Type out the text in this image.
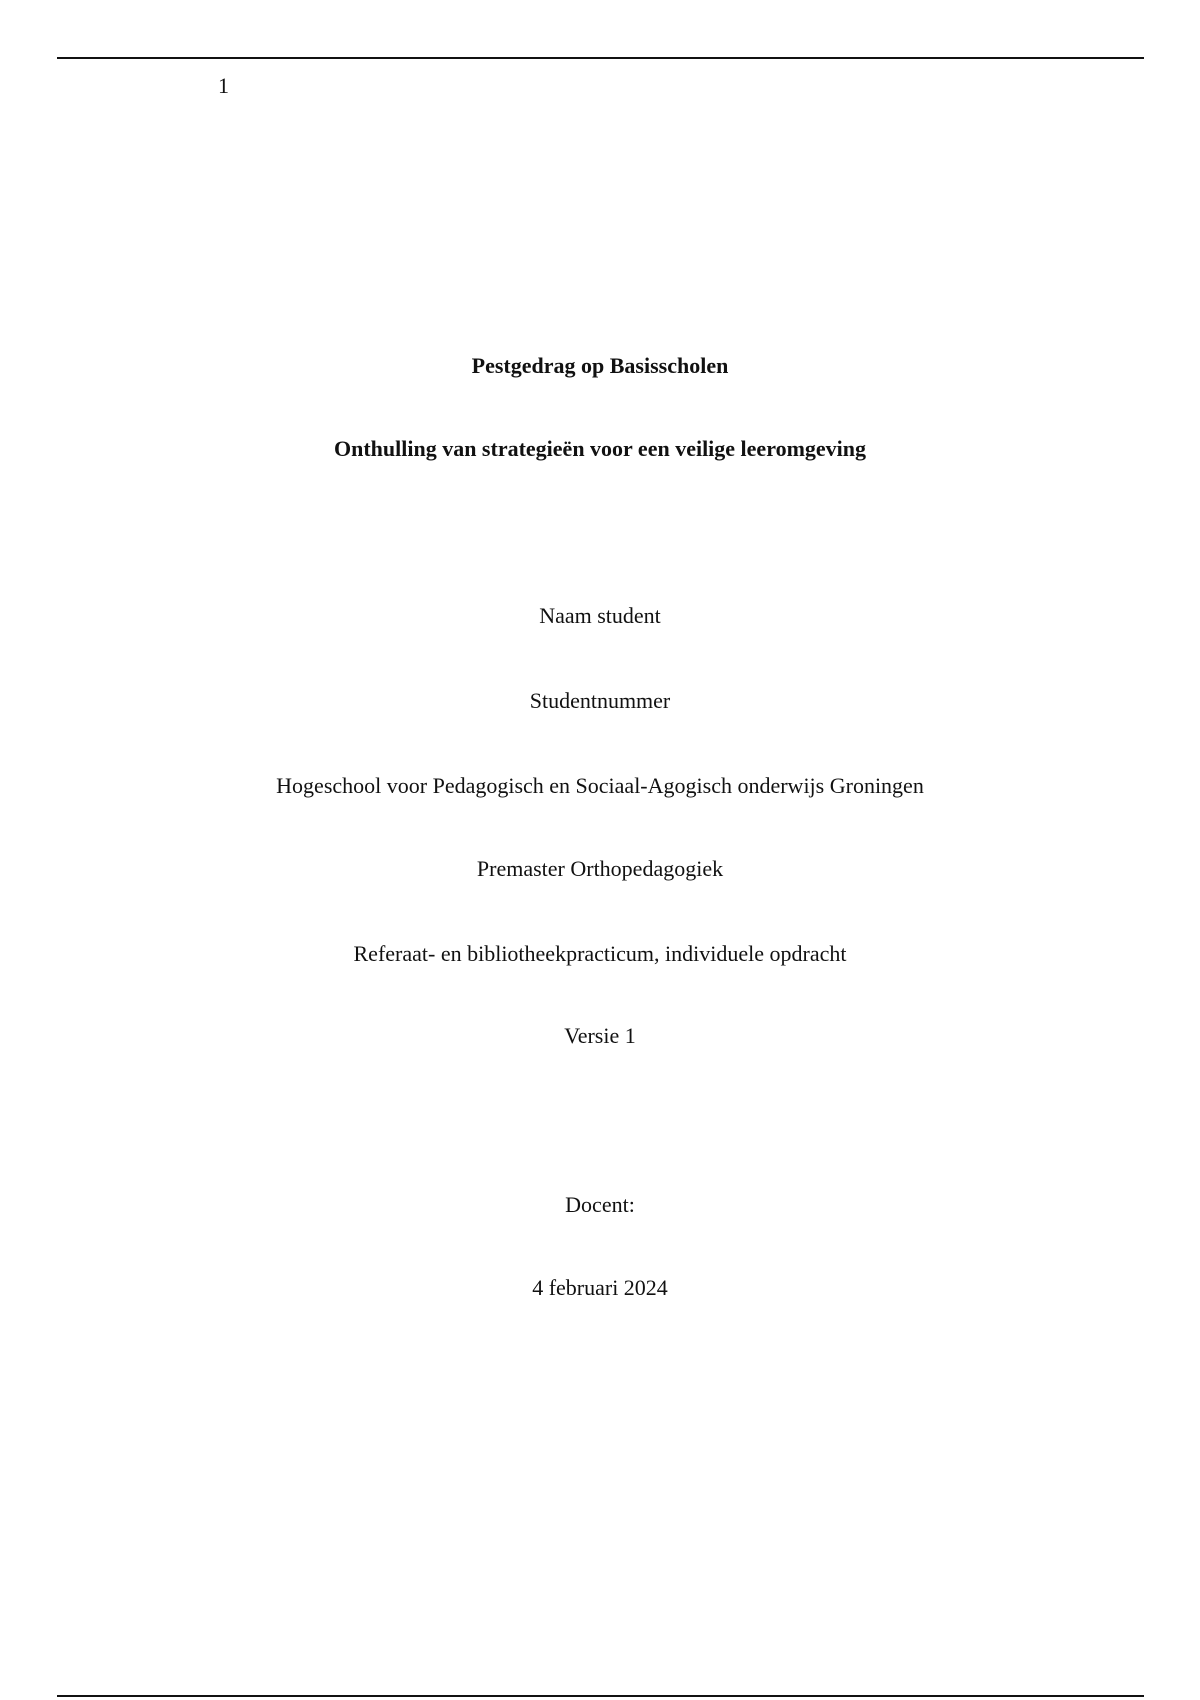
1
Pestgedrag op Basisscholen
Onthulling van strategieën voor een veilige leeromgeving
Naam student
Studentnummer
Hogeschool voor Pedagogisch en Sociaal-Agogisch onderwijs Groningen
Premaster Orthopedagogiek
Referaat- en bibliotheekpracticum, individuele opdracht
Versie 1
Docent:
4 februari 2024
